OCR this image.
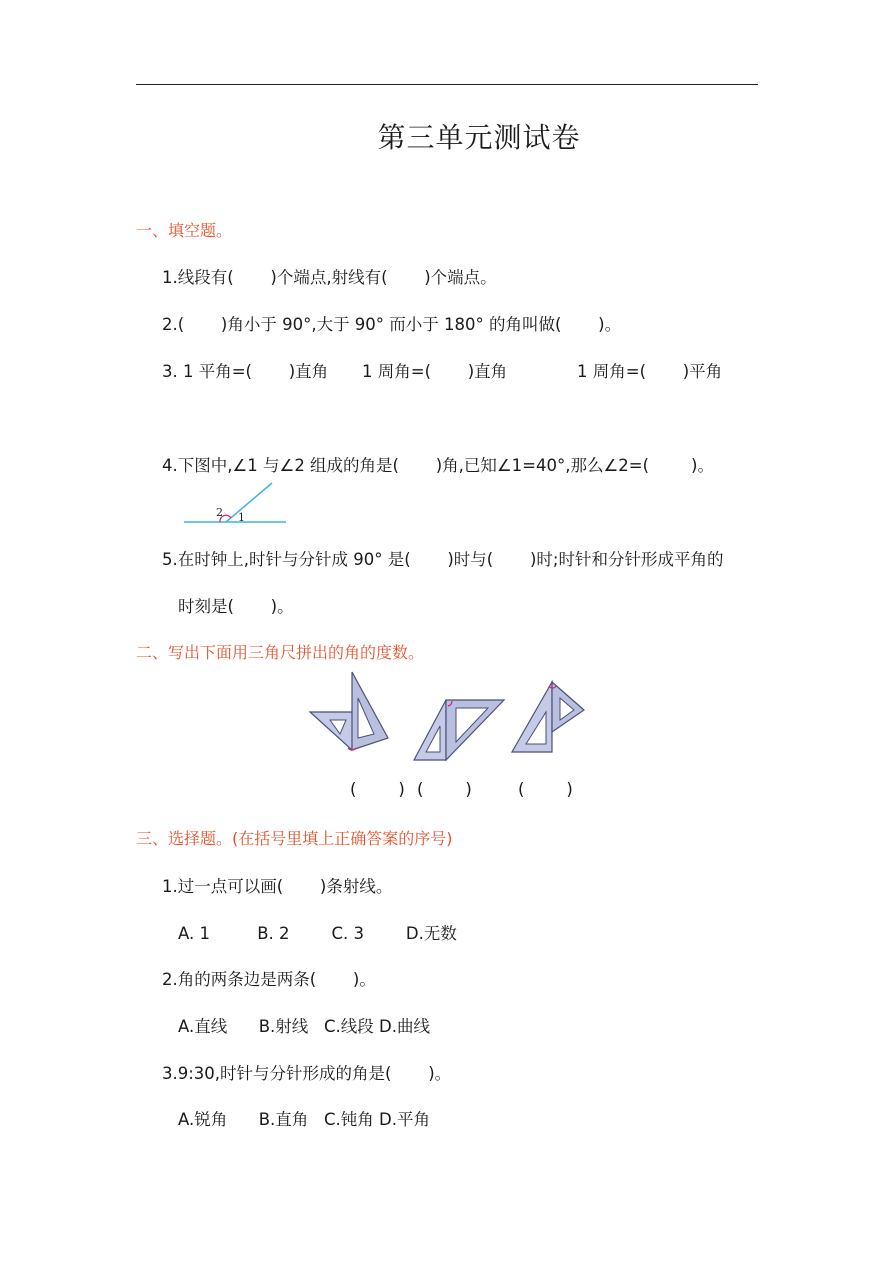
第三单元测试卷
一、填空题。
1.线段有(       )个端点,射线有(       )个端点。
2.(       )角小于 90°,大于 90° 而小于 180° 的角叫做(       )。
3. 1 平角=(       )直角 1 周角=(       )直角	1 周角=(       )平角
4.下图中,∠1 与∠2 组成的角是(       )角,已知∠1=40°,那么∠2=(        )。
2 1
5.在时钟上,时针与分针成 90° 是(       )时与(       )时;时针和分针形成平角的
时刻是(       )。
二、写出下面用三角尺拼出的角的度数。
(        ) (        )	(        )
三、选择题。(在括号里填上正确答案的序号)
1.过一点可以画(       )条射线。
A. 1         B. 2        C. 3        D.无数
2.角的两条边是两条(       )。
A.直线      B.射线   C.线段 D.曲线
3.9:30,时针与分针形成的角是(       )。
A.锐角      B.直角   C.钝角 D.平角
